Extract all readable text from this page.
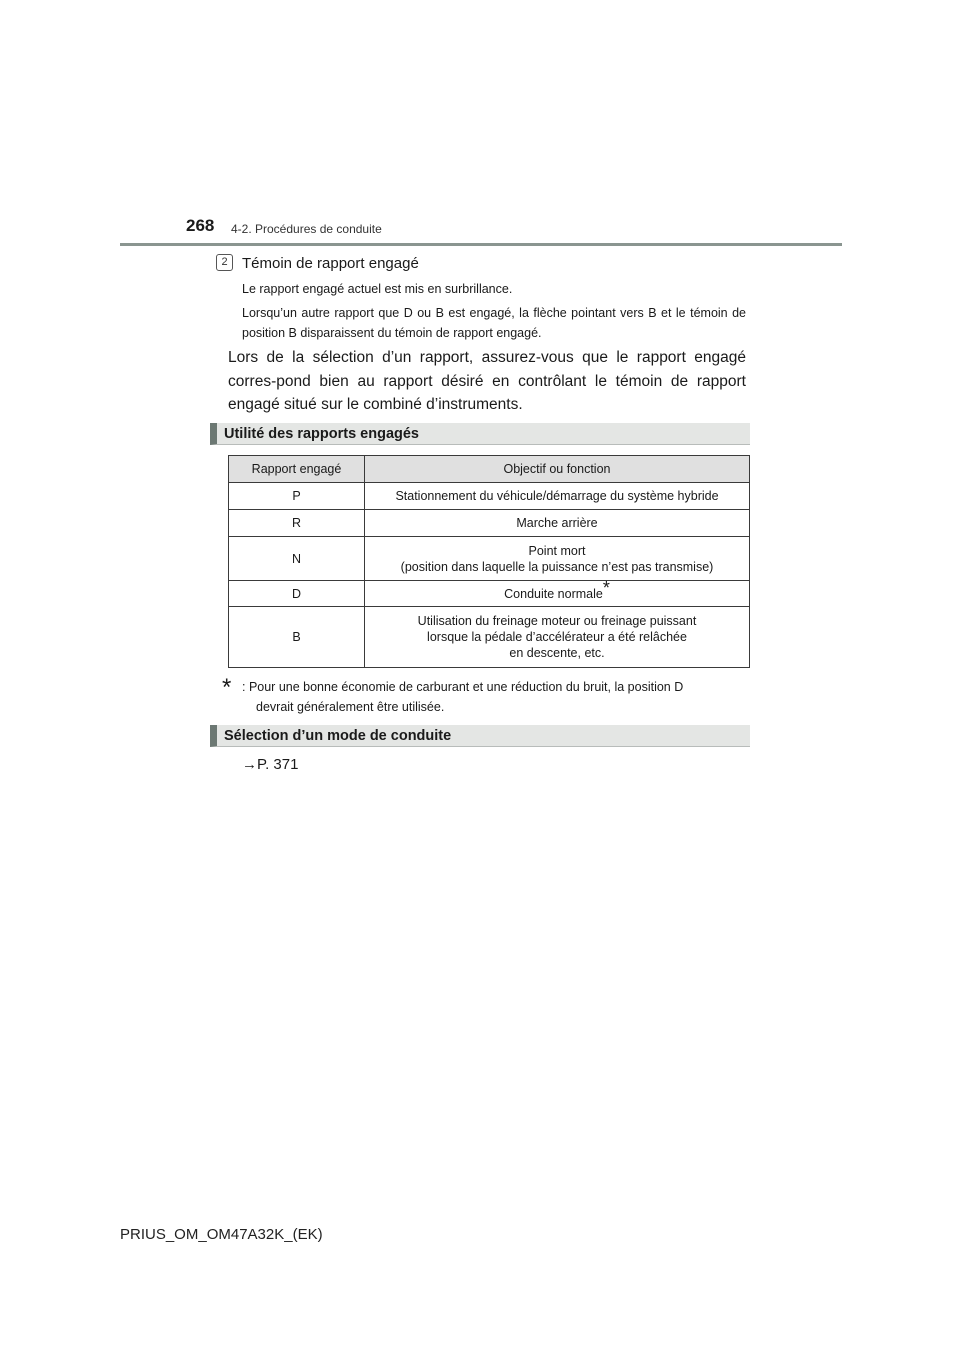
268 4-2. Procédures de conduite
2 Témoin de rapport engagé
Le rapport engagé actuel est mis en surbrillance.
Lorsqu’un autre rapport que D ou B est engagé, la flèche pointant vers B et le témoin de position B disparaissent du témoin de rapport engagé.
Lors de la sélection d’un rapport, assurez-vous que le rapport engagé corres-pond bien au rapport désiré en contrôlant le témoin de rapport engagé situé sur le combiné d’instruments.
Utilité des rapports engagés
Rapport engagé	Objectif ou fonction
P	Stationnement du véhicule/démarrage du système hybride
R	Marche arrière
N	Point mort
(position dans laquelle la puissance n’est pas transmise)
D	Conduite normale*
B	Utilisation du freinage moteur ou freinage puissant
lorsque la pédale d’accélérateur a été relâchée
en descente, etc.
* : Pour une bonne économie de carburant et une réduction du bruit, la position D
devrait généralement être utilisée.
Sélection d’un mode de conduite
→P. 371
PRIUS_OM_OM47A32K_(EK)
